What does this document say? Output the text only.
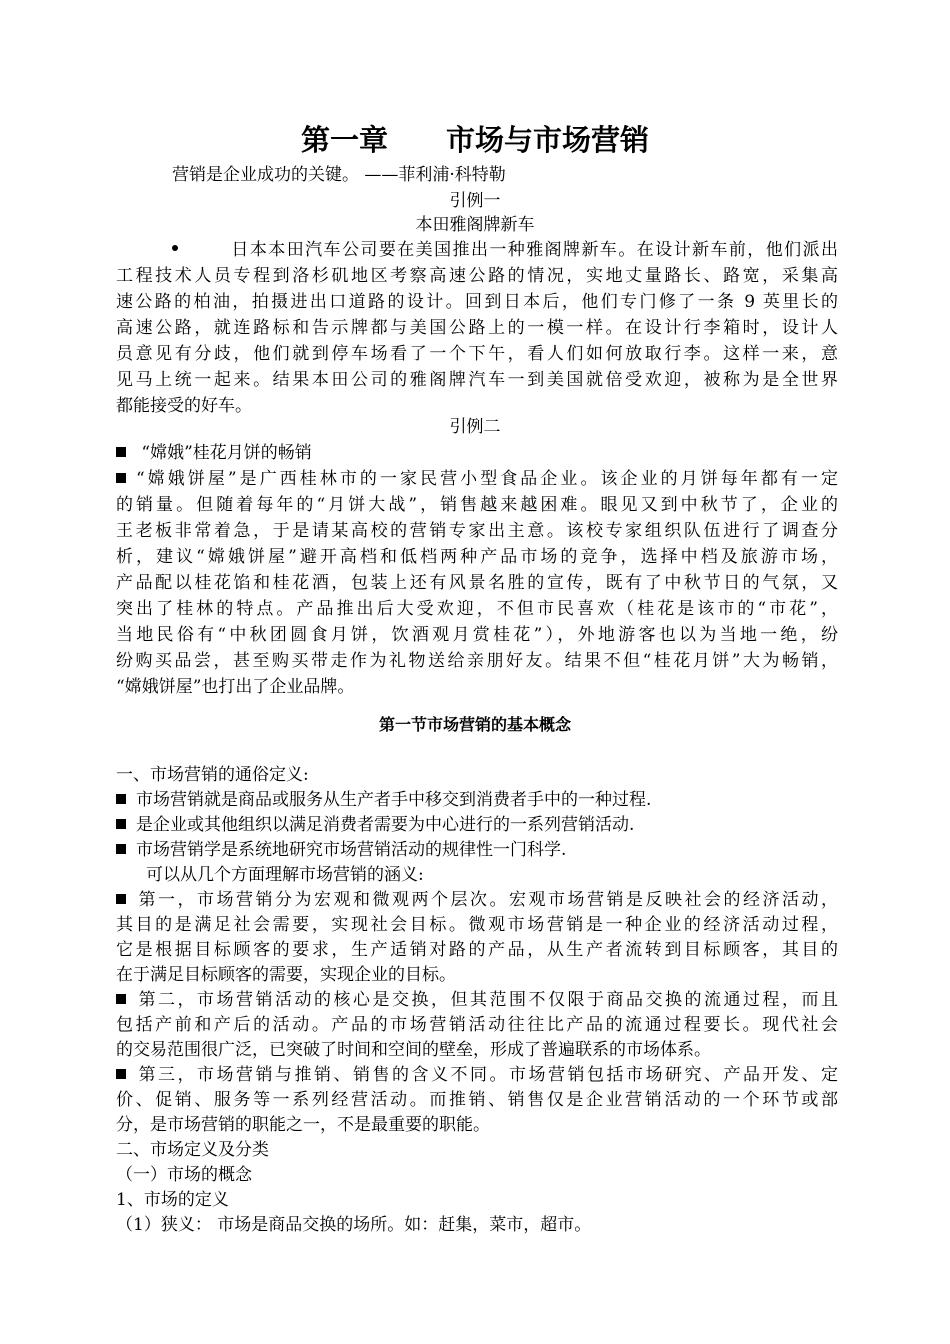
第一章　　市场与市场营销
营销是企业成功的关键。 ——菲利浦·科特勒
引例一
本田雅阁牌新车
日本本田汽车公司要在美国推出一种雅阁牌新车。在设计新车前，他们派出
工程技术人员专程到洛杉矶地区考察高速公路的情况，实地丈量路长、路宽，采集高
速公路的柏油，拍摄进出口道路的设计。回到日本后，他们专门修了一条 9 英里长的
高速公路，就连路标和告示牌都与美国公路上的一模一样。在设计行李箱时，设计人
员意见有分歧，他们就到停车场看了一个下午，看人们如何放取行李。这样一来，意
见马上统一起来。结果本田公司的雅阁牌汽车一到美国就倍受欢迎，被称为是全世界
都能接受的好车。
引例二
“嫦娥”桂花月饼的畅销
“嫦娥饼屋”是广西桂林市的一家民营小型食品企业。该企业的月饼每年都有一定
的销量。但随着每年的“月饼大战”，销售越来越困难。眼见又到中秋节了，企业的
王老板非常着急，于是请某高校的营销专家出主意。该校专家组织队伍进行了调查分
析，建议“嫦娥饼屋”避开高档和低档两种产品市场的竞争，选择中档及旅游市场，
产品配以桂花馅和桂花酒，包装上还有风景名胜的宣传，既有了中秋节日的气氛，又
突出了桂林的特点。产品推出后大受欢迎，不但市民喜欢（桂花是该市的“市花”，
当地民俗有“中秋团圆食月饼，饮酒观月赏桂花”），外地游客也以为当地一绝，纷
纷购买品尝，甚至购买带走作为礼物送给亲朋好友。结果不但“桂花月饼”大为畅销，
“嫦娥饼屋”也打出了企业品牌。
第一节市场营销的基本概念
一、市场营销的通俗定义:
市场营销就是商品或服务从生产者手中移交到消费者手中的一种过程.
是企业或其他组织以满足消费者需要为中心进行的一系列营销活动.
市场营销学是系统地研究市场营销活动的规律性一门科学.
可以从几个方面理解市场营销的涵义:
第一，市场营销分为宏观和微观两个层次。宏观市场营销是反映社会的经济活动，
其目的是满足社会需要，实现社会目标。微观市场营销是一种企业的经济活动过程，
它是根据目标顾客的要求，生产适销对路的产品，从生产者流转到目标顾客，其目的
在于满足目标顾客的需要，实现企业的目标。
第二，市场营销活动的核心是交换，但其范围不仅限于商品交换的流通过程，而且
包括产前和产后的活动。产品的市场营销活动往往比产品的流通过程要长。现代社会
的交易范围很广泛，已突破了时间和空间的壁垒，形成了普遍联系的市场体系。
第三，市场营销与推销、销售的含义不同。市场营销包括市场研究、产品开发、定
价、促销、服务等一系列经营活动。而推销、销售仅是企业营销活动的一个环节或部
分，是市场营销的职能之一，不是最重要的职能。
二、市场定义及分类
（一）市场的概念
1、市场的定义
（1）狭义： 市场是商品交换的场所。如：赶集，菜市，超市。
